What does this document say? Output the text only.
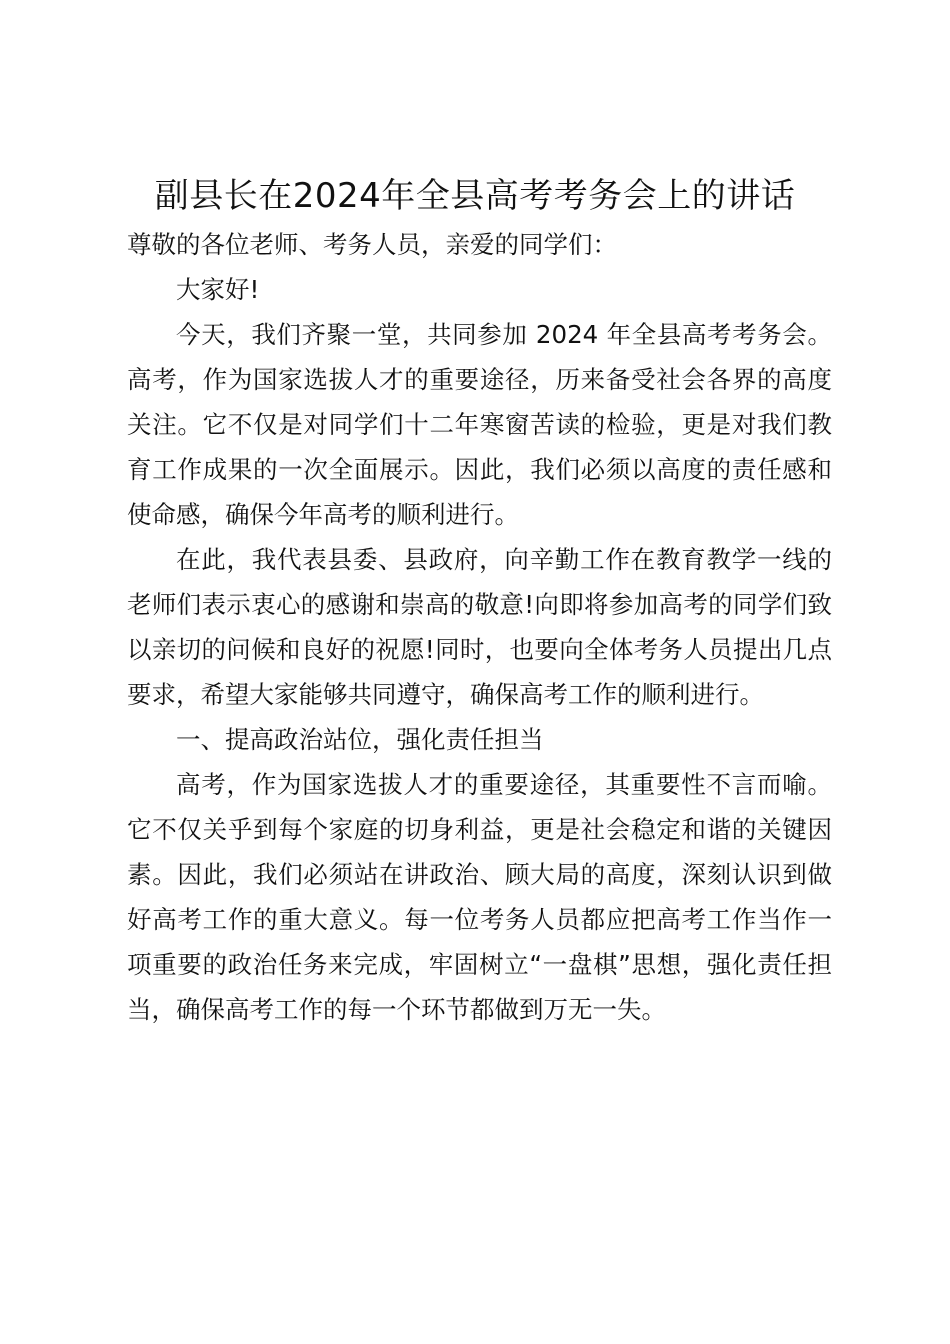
副县长在2024年全县高考考务会上的讲话

尊敬的各位老师、考务人员，亲爱的同学们：

大家好!

今天，我们齐聚一堂，共同参加 2024 年全县高考考务会。高考，作为国家选拔人才的重要途径，历来备受社会各界的高度关注。它不仅是对同学们十二年寒窗苦读的检验，更是对我们教育工作成果的一次全面展示。因此，我们必须以高度的责任感和使命感，确保今年高考的顺利进行。

在此，我代表县委、县政府，向辛勤工作在教育教学一线的老师们表示衷心的感谢和崇高的敬意!向即将参加高考的同学们致以亲切的问候和良好的祝愿!同时，也要向全体考务人员提出几点要求，希望大家能够共同遵守，确保高考工作的顺利进行。

一、提高政治站位，强化责任担当

高考，作为国家选拔人才的重要途径，其重要性不言而喻。它不仅关乎到每个家庭的切身利益，更是社会稳定和谐的关键因素。因此，我们必须站在讲政治、顾大局的高度，深刻认识到做好高考工作的重大意义。每一位考务人员都应把高考工作当作一项重要的政治任务来完成，牢固树立“一盘棋”思想，强化责任担当，确保高考工作的每一个环节都做到万无一失。
